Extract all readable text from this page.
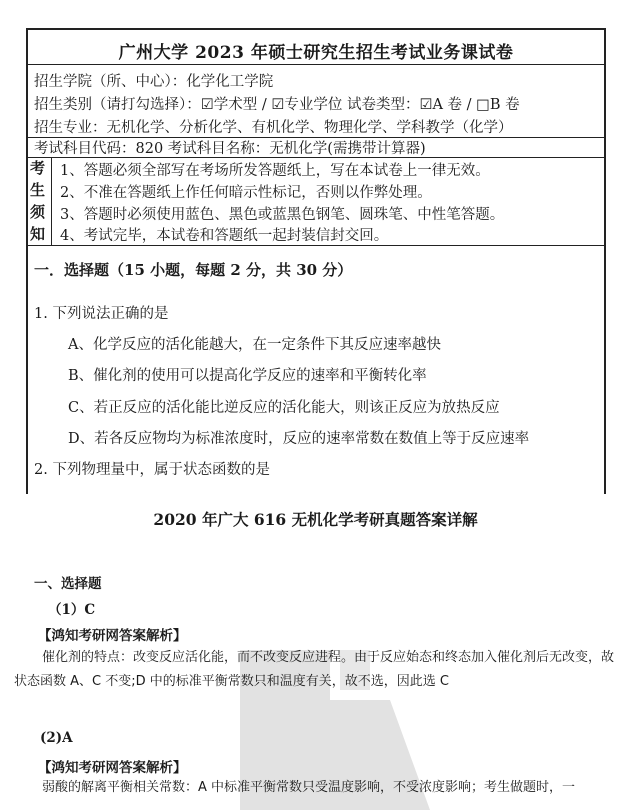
广州大学 2023 年硕士研究生招生考试业务课试卷
招生学院（所、中心）：化学化工学院
招生类别（请打勾选择）：☑学术型 / ☑专业学位 试卷类型：☑A 卷 / □B 卷
招生专业：无机化学、分析化学、有机化学、物理化学、学科教学（化学）
考试科目代码：820 考试科目名称：无机化学(需携带计算器)
考
生
须
知
1、答题必须全部写在考场所发答题纸上，写在本试卷上一律无效。
2、不准在答题纸上作任何暗示性标记，否则以作弊处理。
3、答题时必须使用蓝色、黑色或蓝黑色钢笔、圆珠笔、中性笔答题。
4、考试完毕，本试卷和答题纸一起封装信封交回。
一．选择题（15 小题，每题 2 分，共 30 分）
1. 下列说法正确的是
A、化学反应的活化能越大，在一定条件下其反应速率越快
B、催化剂的使用可以提高化学反应的速率和平衡转化率
C、若正反应的活化能比逆反应的活化能大，则该正反应为放热反应
D、若各反应物均为标准浓度时，反应的速率常数在数值上等于反应速率
2. 下列物理量中，属于状态函数的是
2020 年广大 616 无机化学考研真题答案详解
一、选择题
（1）C
【鸿知考研网答案解析】
催化剂的特点：改变反应活化能，而不改变反应进程。由于反应始态和终态加入催化剂后无改变，故状态函数 A、C 不变;D 中的标准平衡常数只和温度有关，故不选，因此选 C
(2)A
【鸿知考研网答案解析】
弱酸的解离平衡相关常数：A 中标准平衡常数只受温度影响，不受浓度影响；考生做题时，一
